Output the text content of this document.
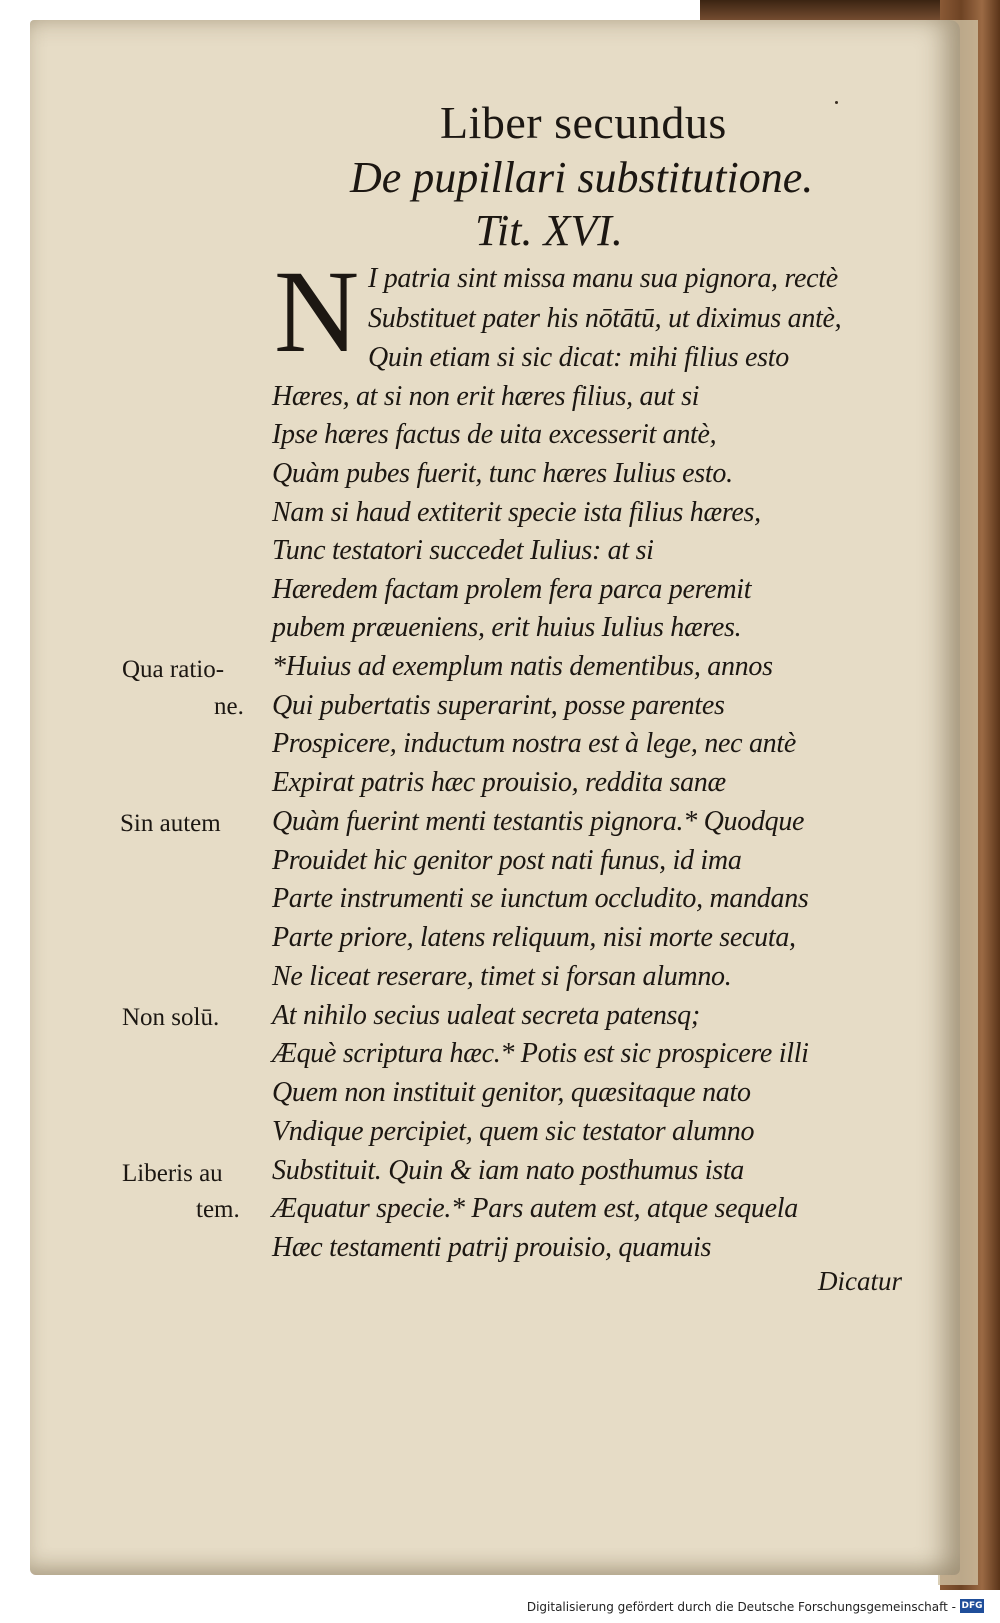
Liber secundus
De pupillari substitutione.
Tit. XVI.
N I patria sint missa manu sua pignora, rectè
Substituet pater his nōtātū, ut diximus antè,
Quin etiam si sic dicat: mihi filius esto
Hæres, at si non erit hæres filius, aut si
Ipse hæres factus de uita excesserit antè,
Quàm pubes fuerit, tunc hæres Iulius esto.
Nam si haud extiterit specie ista filius hæres,
Tunc testatori succedet Iulius: at si
Hæredem factam prolem fera parca peremit
pubem præueniens, erit huius Iulius hæres.
*Huius ad exemplum natis dementibus, annos
Qui pubertatis superarint, posse parentes
Prospicere, inductum nostra est à lege, nec antè
Expirat patris hæc prouisio, reddita sanæ
Quàm fuerint menti testantis pignora.* Quodque
Prouidet hic genitor post nati funus, id ima
Parte instrumenti se iunctum occludito, mandans
Parte priore, latens reliquum, nisi morte secuta,
Ne liceat reserare, timet si forsan alumno.
At nihilo secius ualeat secreta patensq;
Æquè scriptura hæc.* Potis est sic prospicere illi
Quem non instituit genitor, quæsitaque nato
Vndique percipiet, quem sic testator alumno
Substituit. Quin & iam nato posthumus ista
Æquatur specie.* Pars autem est, atque sequela
Hæc testamenti patrij prouisio, quamuis
Qua ratio-
ne.
Sin autem
Non solū.
Liberis au
tem.
Dicatur
Digitalisierung gefördert durch die Deutsche Forschungsgemeinschaft - DFG
